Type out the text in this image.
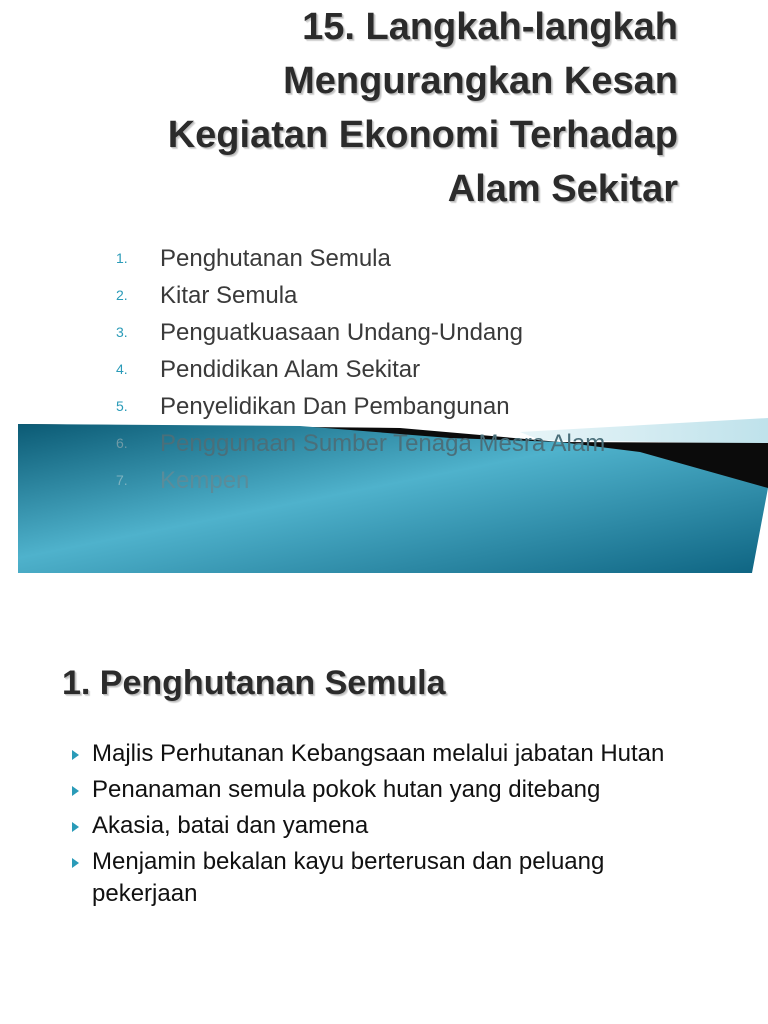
15. Langkah-langkah
Mengurangkan Kesan
Kegiatan Ekonomi Terhadap
Alam Sekitar
1. Penghutanan Semula
2. Kitar Semula
3. Penguatkuasaan Undang-Undang
4. Pendidikan Alam Sekitar
5. Penyelidikan Dan Pembangunan
6. Penggunaan Sumber Tenaga Mesra Alam
7. Kempen
1. Penghutanan Semula
Majlis Perhutanan Kebangsaan melalui jabatan Hutan
Penanaman semula pokok hutan yang ditebang
Akasia, batai dan yamena
Menjamin bekalan kayu berterusan dan peluang pekerjaan
